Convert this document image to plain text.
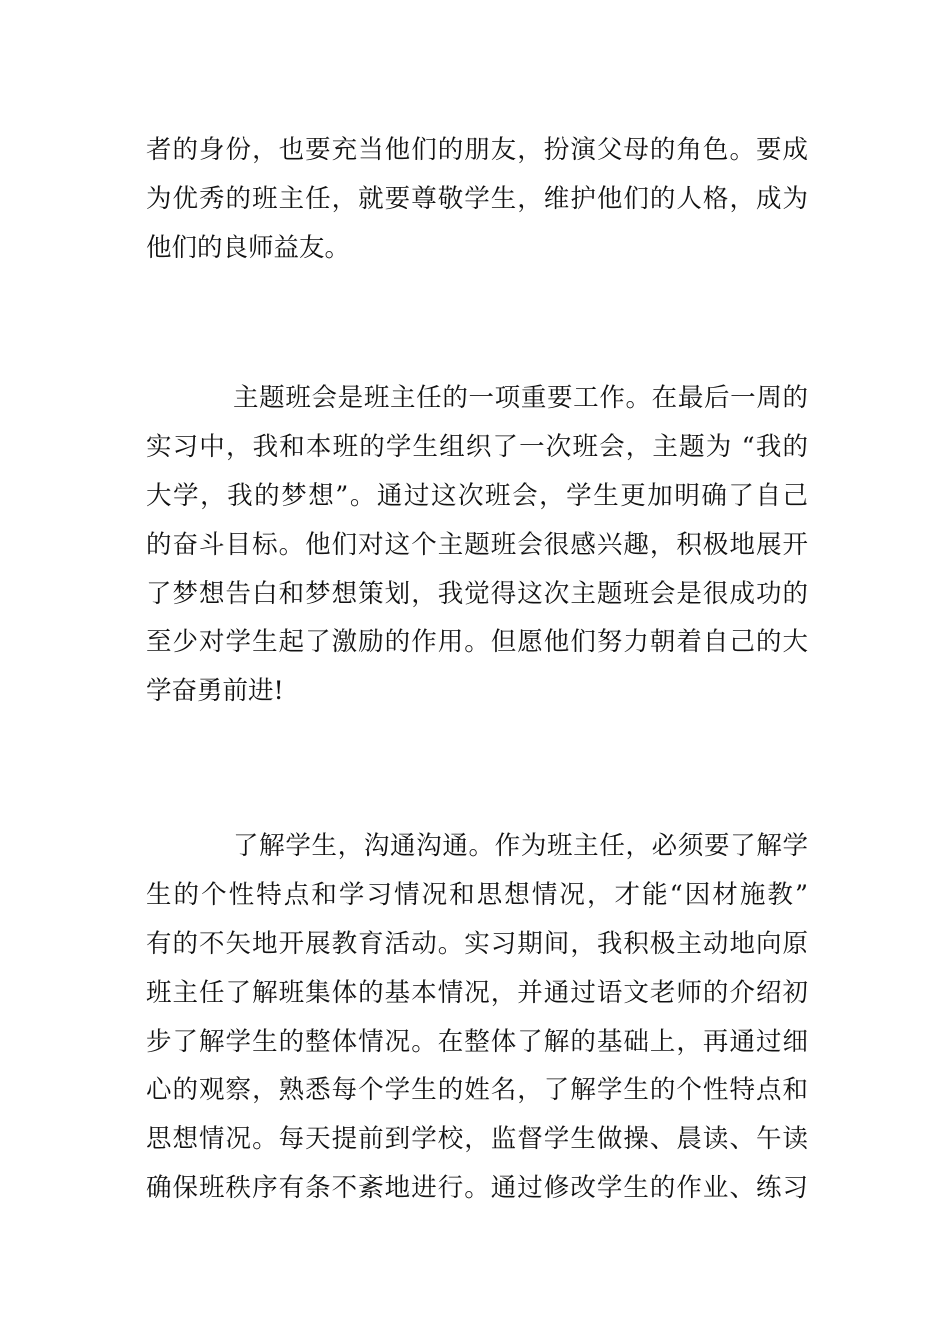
者的身份，也要充当他们的朋友，扮演父母的角色。要成
为优秀的班主任，就要尊敬学生，维护他们的人格，成为
他们的良师益友。
主题班会是班主任的一项重要工作。在最后一周的
实习中，我和本班的学生组织了一次班会，主题为 “我的
大学，我的梦想”。通过这次班会，学生更加明确了自己
的奋斗目标。他们对这个主题班会很感兴趣，积极地展开
了梦想告白和梦想策划，我觉得这次主题班会是很成功的
至少对学生起了激励的作用。但愿他们努力朝着自己的大
学奋勇前进!
了解学生，沟通沟通。作为班主任，必须要了解学
生的个性特点和学习情况和思想情况，才能“因材施教”
有的不矢地开展教育活动。实习期间，我积极主动地向原
班主任了解班集体的基本情况，并通过语文老师的介绍初
步了解学生的整体情况。在整体了解的基础上，再通过细
心的观察，熟悉每个学生的姓名，了解学生的个性特点和
思想情况。每天提前到学校，监督学生做操、晨读、午读
确保班秩序有条不紊地进行。通过修改学生的作业、练习
